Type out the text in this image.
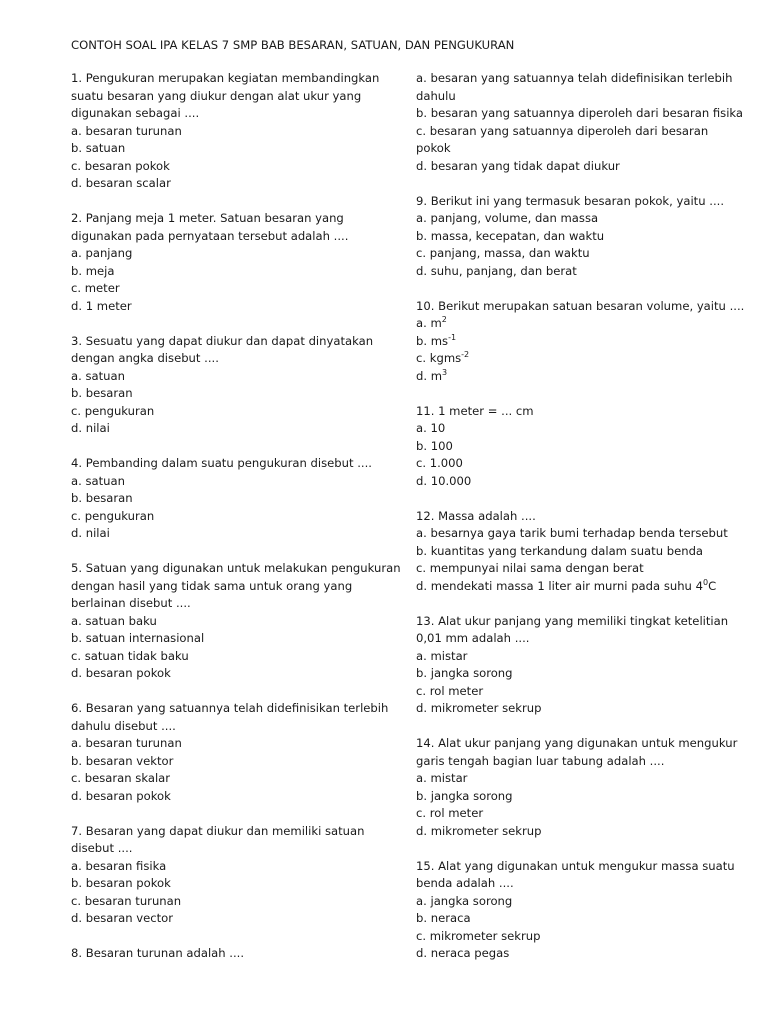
CONTOH SOAL IPA KELAS 7 SMP BAB BESARAN, SATUAN, DAN PENGUKURAN
1. Pengukuran merupakan kegiatan membandingkan
suatu besaran yang diukur dengan alat ukur yang
digunakan sebagai ....
a. besaran turunan
b. satuan
c. besaran pokok
d. besaran scalar
2. Panjang meja 1 meter. Satuan besaran yang
digunakan pada pernyataan tersebut adalah ....
a. panjang
b. meja
c. meter
d. 1 meter
3. Sesuatu yang dapat diukur dan dapat dinyatakan
dengan angka disebut ....
a. satuan
b. besaran
c. pengukuran
d. nilai
4. Pembanding dalam suatu pengukuran disebut ....
a. satuan
b. besaran
c. pengukuran
d. nilai
5. Satuan yang digunakan untuk melakukan pengukuran
dengan hasil yang tidak sama untuk orang yang
berlainan disebut ....
a. satuan baku
b. satuan internasional
c. satuan tidak baku
d. besaran pokok
6. Besaran yang satuannya telah didefinisikan terlebih
dahulu disebut ....
a. besaran turunan
b. besaran vektor
c. besaran skalar
d. besaran pokok
7. Besaran yang dapat diukur dan memiliki satuan
disebut ....
a. besaran fisika
b. besaran pokok
c. besaran turunan
d. besaran vector
8. Besaran turunan adalah ....
a. besaran yang satuannya telah didefinisikan terlebih
dahulu
b. besaran yang satuannya diperoleh dari besaran fisika
c. besaran yang satuannya diperoleh dari besaran
pokok
d. besaran yang tidak dapat diukur
9. Berikut ini yang termasuk besaran pokok, yaitu ....
a. panjang, volume, dan massa
b. massa, kecepatan, dan waktu
c. panjang, massa, dan waktu
d. suhu, panjang, dan berat
10. Berikut merupakan satuan besaran volume, yaitu ....
a. $m^2$
b. $ms^{-1}$
c. kgms$^{-2}$
d. $m^3$
11. 1 meter = ... cm
a. 10
b. 100
c. 1.000
d. 10.000
12. Massa adalah ....
a. besarnya gaya tarik bumi terhadap benda tersebut
b. kuantitas yang terkandung dalam suatu benda
c. mempunyai nilai sama dengan berat
d. mendekati massa 1 liter air murni pada suhu $4^0C$
13. Alat ukur panjang yang memiliki tingkat ketelitian
0,01 mm adalah ....
a. mistar
b. jangka sorong
c. rol meter
d. mikrometer sekrup
14. Alat ukur panjang yang digunakan untuk mengukur
garis tengah bagian luar tabung adalah ....
a. mistar
b. jangka sorong
c. rol meter
d. mikrometer sekrup
15. Alat yang digunakan untuk mengukur massa suatu
benda adalah ....
a. jangka sorong
b. neraca
c. mikrometer sekrup
d. neraca pegas
